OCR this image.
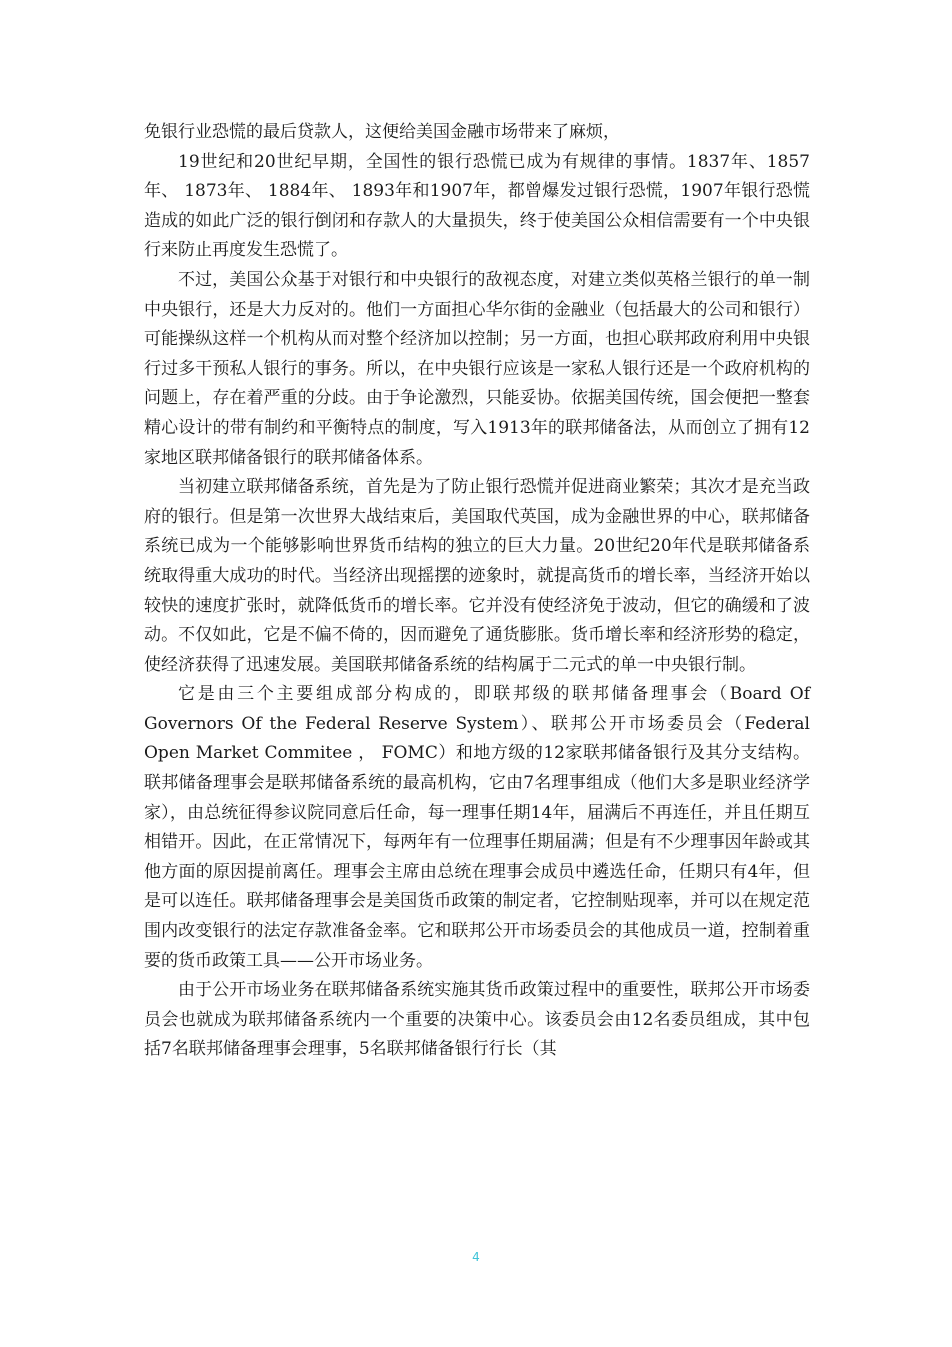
免银行业恐慌的最后贷款人，这便给美国金融市场带来了麻烦，

19世纪和20世纪早期，全国性的银行恐慌已成为有规律的事情。1837年、1857年、 1873年、 1884年、 1893年和1907年，都曾爆发过银行恐慌，1907年银行恐慌造成的如此广泛的银行倒闭和存款人的大量损失，终于使美国公众相信需要有一个中央银行来防止再度发生恐慌了。

不过，美国公众基于对银行和中央银行的敌视态度，对建立类似英格兰银行的单一制中央银行，还是大力反对的。他们一方面担心华尔街的金融业（包括最大的公司和银行）可能操纵这样一个机构从而对整个经济加以控制；另一方面，也担心联邦政府利用中央银行过多干预私人银行的事务。所以，在中央银行应该是一家私人银行还是一个政府机构的问题上，存在着严重的分歧。由于争论激烈，只能妥协。依据美国传统，国会便把一整套精心设计的带有制约和平衡特点的制度，写入1913年的联邦储备法，从而创立了拥有12家地区联邦储备银行的联邦储备体系。

当初建立联邦储备系统，首先是为了防止银行恐慌并促进商业繁荣；其次才是充当政府的银行。但是第一次世界大战结束后，美国取代英国，成为金融世界的中心，联邦储备系统已成为一个能够影响世界货币结构的独立的巨大力量。20世纪20年代是联邦储备系统取得重大成功的时代。当经济出现摇摆的迹象时，就提高货币的增长率，当经济开始以较快的速度扩张时，就降低货币的增长率。它并没有使经济免于波动，但它的确缓和了波动。不仅如此，它是不偏不倚的，因而避免了通货膨胀。货币增长率和经济形势的稳定，使经济获得了迅速发展。美国联邦储备系统的结构属于二元式的单一中央银行制。

它是由三个主要组成部分构成的，即联邦级的联邦储备理事会（Board Of Governors Of the Federal Reserve System）、联邦公开市场委员会（Federal Open Market Commitee ， FOMC）和地方级的12家联邦储备银行及其分支结构。联邦储备理事会是联邦储备系统的最高机构，它由7名理事组成（他们大多是职业经济学家），由总统征得参议院同意后任命，每一理事任期14年，届满后不再连任，并且任期互相错开。因此，在正常情况下，每两年有一位理事任期届满；但是有不少理事因年龄或其他方面的原因提前离任。理事会主席由总统在理事会成员中遴选任命，任期只有4年，但是可以连任。联邦储备理事会是美国货币政策的制定者，它控制贴现率，并可以在规定范围内改变银行的法定存款准备金率。它和联邦公开市场委员会的其他成员一道，控制着重要的货币政策工具——公开市场业务。

由于公开市场业务在联邦储备系统实施其货币政策过程中的重要性，联邦公开市场委员会也就成为联邦储备系统内一个重要的决策中心。该委员会由12名委员组成，其中包括7名联邦储备理事会理事，5名联邦储备银行行长（其

4
